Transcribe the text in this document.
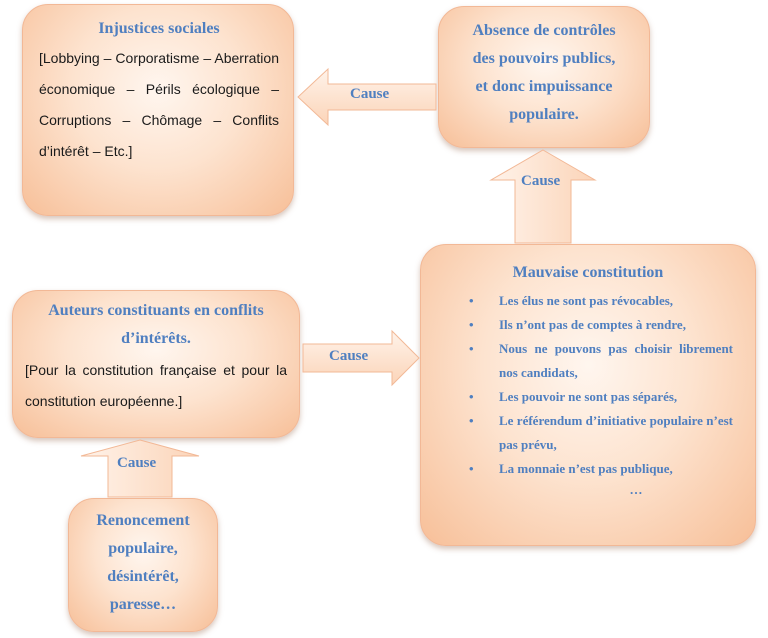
Injustices sociales
[Lobbying – Corporatisme – Aberration économique – Périls écologique – Corruptions – Chômage – Conflits d’intérêt – Etc.]
Absence de contrôles
des pouvoirs publics,
et donc impuissance
populaire.
Auteurs constituants en conflits
d’intérêts.
[Pour la constitution française et pour la constitution européenne.]
Mauvaise constitution
•	Les élus ne sont pas révocables,
•	Ils n’ont pas de comptes à rendre,
•	Nous ne pouvons pas choisir librement nos candidats,
•	Les pouvoir ne sont pas séparés,
•	Le référendum d’initiative populaire n’est pas prévu,
•	La monnaie n’est pas publique,
…
Renoncement
populaire,
désintérêt,
paresse…
Cause
Cause
Cause
Cause
